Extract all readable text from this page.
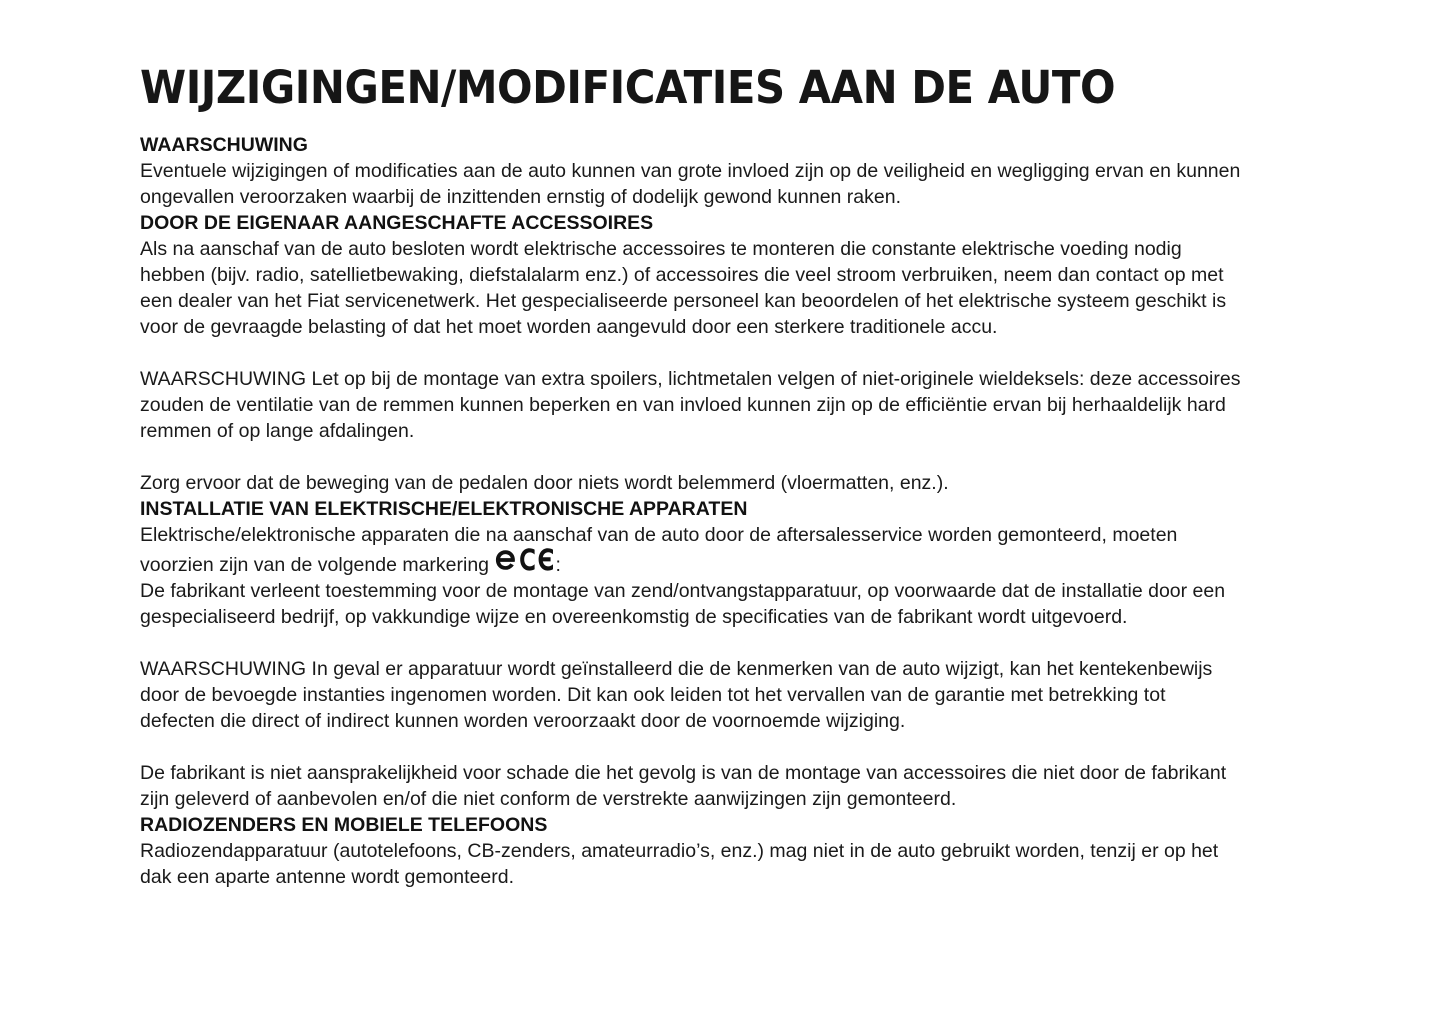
WIJZIGINGEN/MODIFICATIES AAN DE AUTO
WAARSCHUWING
Eventuele wijzigingen of modificaties aan de auto kunnen van grote invloed zijn op de veiligheid en wegligging ervan en kunnen
ongevallen veroorzaken waarbij de inzittenden ernstig of dodelijk gewond kunnen raken.
DOOR DE EIGENAAR AANGESCHAFTE ACCESSOIRES
Als na aanschaf van de auto besloten wordt elektrische accessoires te monteren die constante elektrische voeding nodig
hebben (bijv. radio, satellietbewaking, diefstalalarm enz.) of accessoires die veel stroom verbruiken, neem dan contact op met
een dealer van het Fiat servicenetwerk. Het gespecialiseerde personeel kan beoordelen of het elektrische systeem geschikt is
voor de gevraagde belasting of dat het moet worden aangevuld door een sterkere traditionele accu.
WAARSCHUWING Let op bij de montage van extra spoilers, lichtmetalen velgen of niet-originele wieldeksels: deze accessoires
zouden de ventilatie van de remmen kunnen beperken en van invloed kunnen zijn op de efficiëntie ervan bij herhaaldelijk hard
remmen of op lange afdalingen.
Zorg ervoor dat de beweging van de pedalen door niets wordt belemmerd (vloermatten, enz.).
INSTALLATIE VAN ELEKTRISCHE/ELEKTRONISCHE APPARATEN
Elektrische/elektronische apparaten die na aanschaf van de auto door de aftersalesservice worden gemonteerd, moeten
voorzien zijn van de volgende markering	:
De fabrikant verleent toestemming voor de montage van zend/ontvangstapparatuur, op voorwaarde dat de installatie door een
gespecialiseerd bedrijf, op vakkundige wijze en overeenkomstig de specificaties van de fabrikant wordt uitgevoerd.
WAARSCHUWING In geval er apparatuur wordt geïnstalleerd die de kenmerken van de auto wijzigt, kan het kentekenbewijs
door de bevoegde instanties ingenomen worden. Dit kan ook leiden tot het vervallen van de garantie met betrekking tot
defecten die direct of indirect kunnen worden veroorzaakt door de voornoemde wijziging.
De fabrikant is niet aansprakelijkheid voor schade die het gevolg is van de montage van accessoires die niet door de fabrikant
zijn geleverd of aanbevolen en/of die niet conform de verstrekte aanwijzingen zijn gemonteerd.
RADIOZENDERS EN MOBIELE TELEFOONS
Radiozendapparatuur (autotelefoons, CB-zenders, amateurradio’s, enz.) mag niet in de auto gebruikt worden, tenzij er op het
dak een aparte antenne wordt gemonteerd.
